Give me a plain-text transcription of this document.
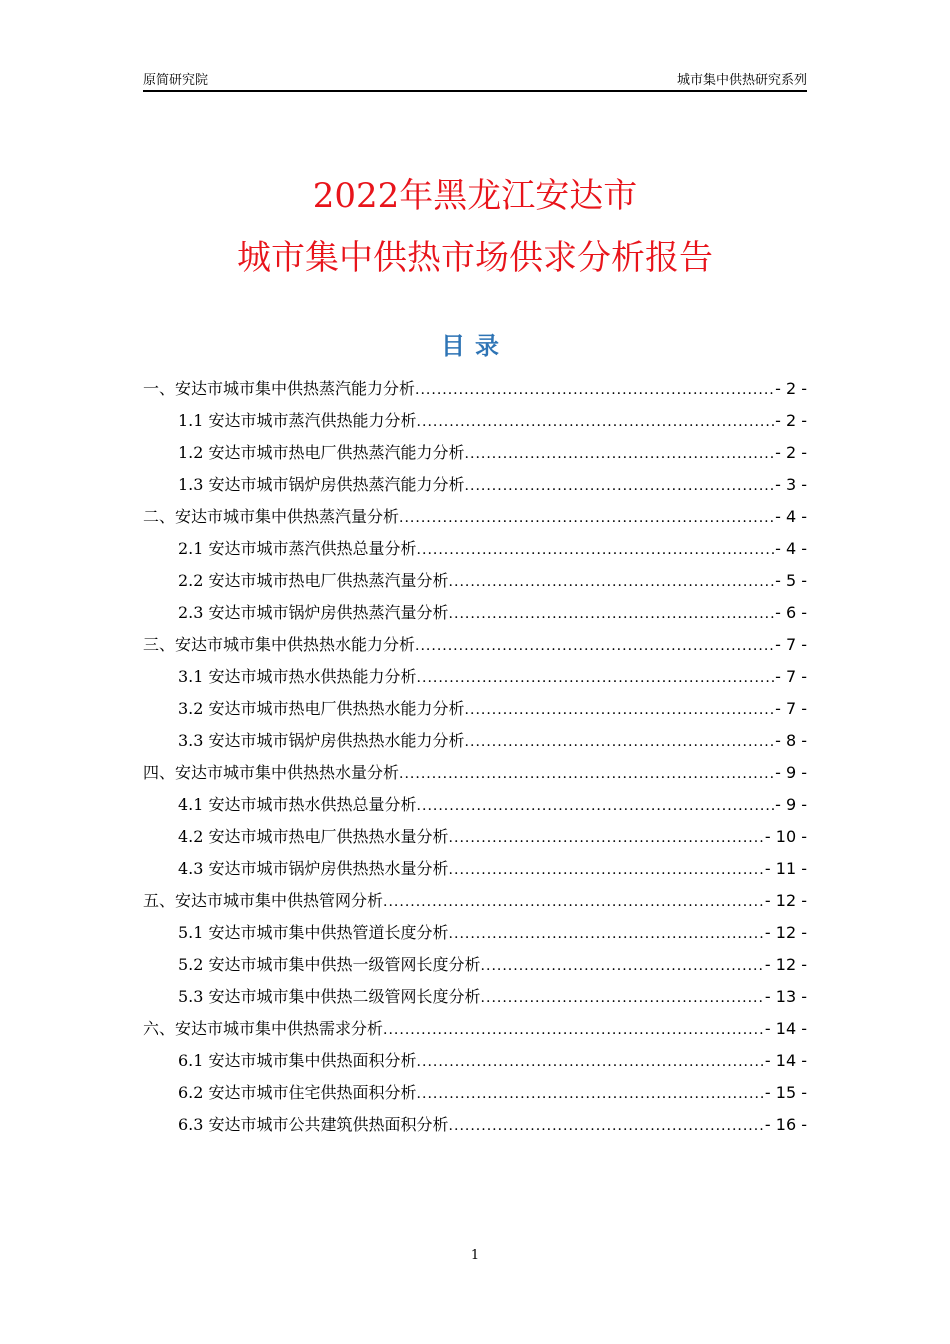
原简研究院	城市集中供热研究系列
2022年黑龙江安达市
城市集中供热市场供求分析报告
目录
一、安达市城市集中供热蒸汽能力分析 .....	- 2 -
1.1 安达市城市蒸汽供热能力分析 .....	- 2 -
1.2 安达市城市热电厂供热蒸汽能力分析 .....	- 2 -
1.3 安达市城市锅炉房供热蒸汽能力分析 .....	- 3 -
二、安达市城市集中供热蒸汽量分析 .....	- 4 -
2.1 安达市城市蒸汽供热总量分析 .....	- 4 -
2.2 安达市城市热电厂供热蒸汽量分析 .....	- 5 -
2.3 安达市城市锅炉房供热蒸汽量分析 .....	- 6 -
三、安达市城市集中供热热水能力分析 .....	- 7 -
3.1 安达市城市热水供热能力分析 .....	- 7 -
3.2 安达市城市热电厂供热热水能力分析 .....	- 7 -
3.3 安达市城市锅炉房供热热水能力分析 .....	- 8 -
四、安达市城市集中供热热水量分析 .....	- 9 -
4.1 安达市城市热水供热总量分析 .....	- 9 -
4.2 安达市城市热电厂供热热水量分析 .....	- 10 -
4.3 安达市城市锅炉房供热热水量分析 .....	- 11 -
五、安达市城市集中供热管网分析 .....	- 12 -
5.1 安达市城市集中供热管道长度分析 .....	- 12 -
5.2 安达市城市集中供热一级管网长度分析 .....	- 12 -
5.3 安达市城市集中供热二级管网长度分析 .....	- 13 -
六、安达市城市集中供热需求分析 .....	- 14 -
6.1 安达市城市集中供热面积分析 .....	- 14 -
6.2 安达市城市住宅供热面积分析 .....	- 15 -
6.3 安达市城市公共建筑供热面积分析 .....	- 16 -
1
